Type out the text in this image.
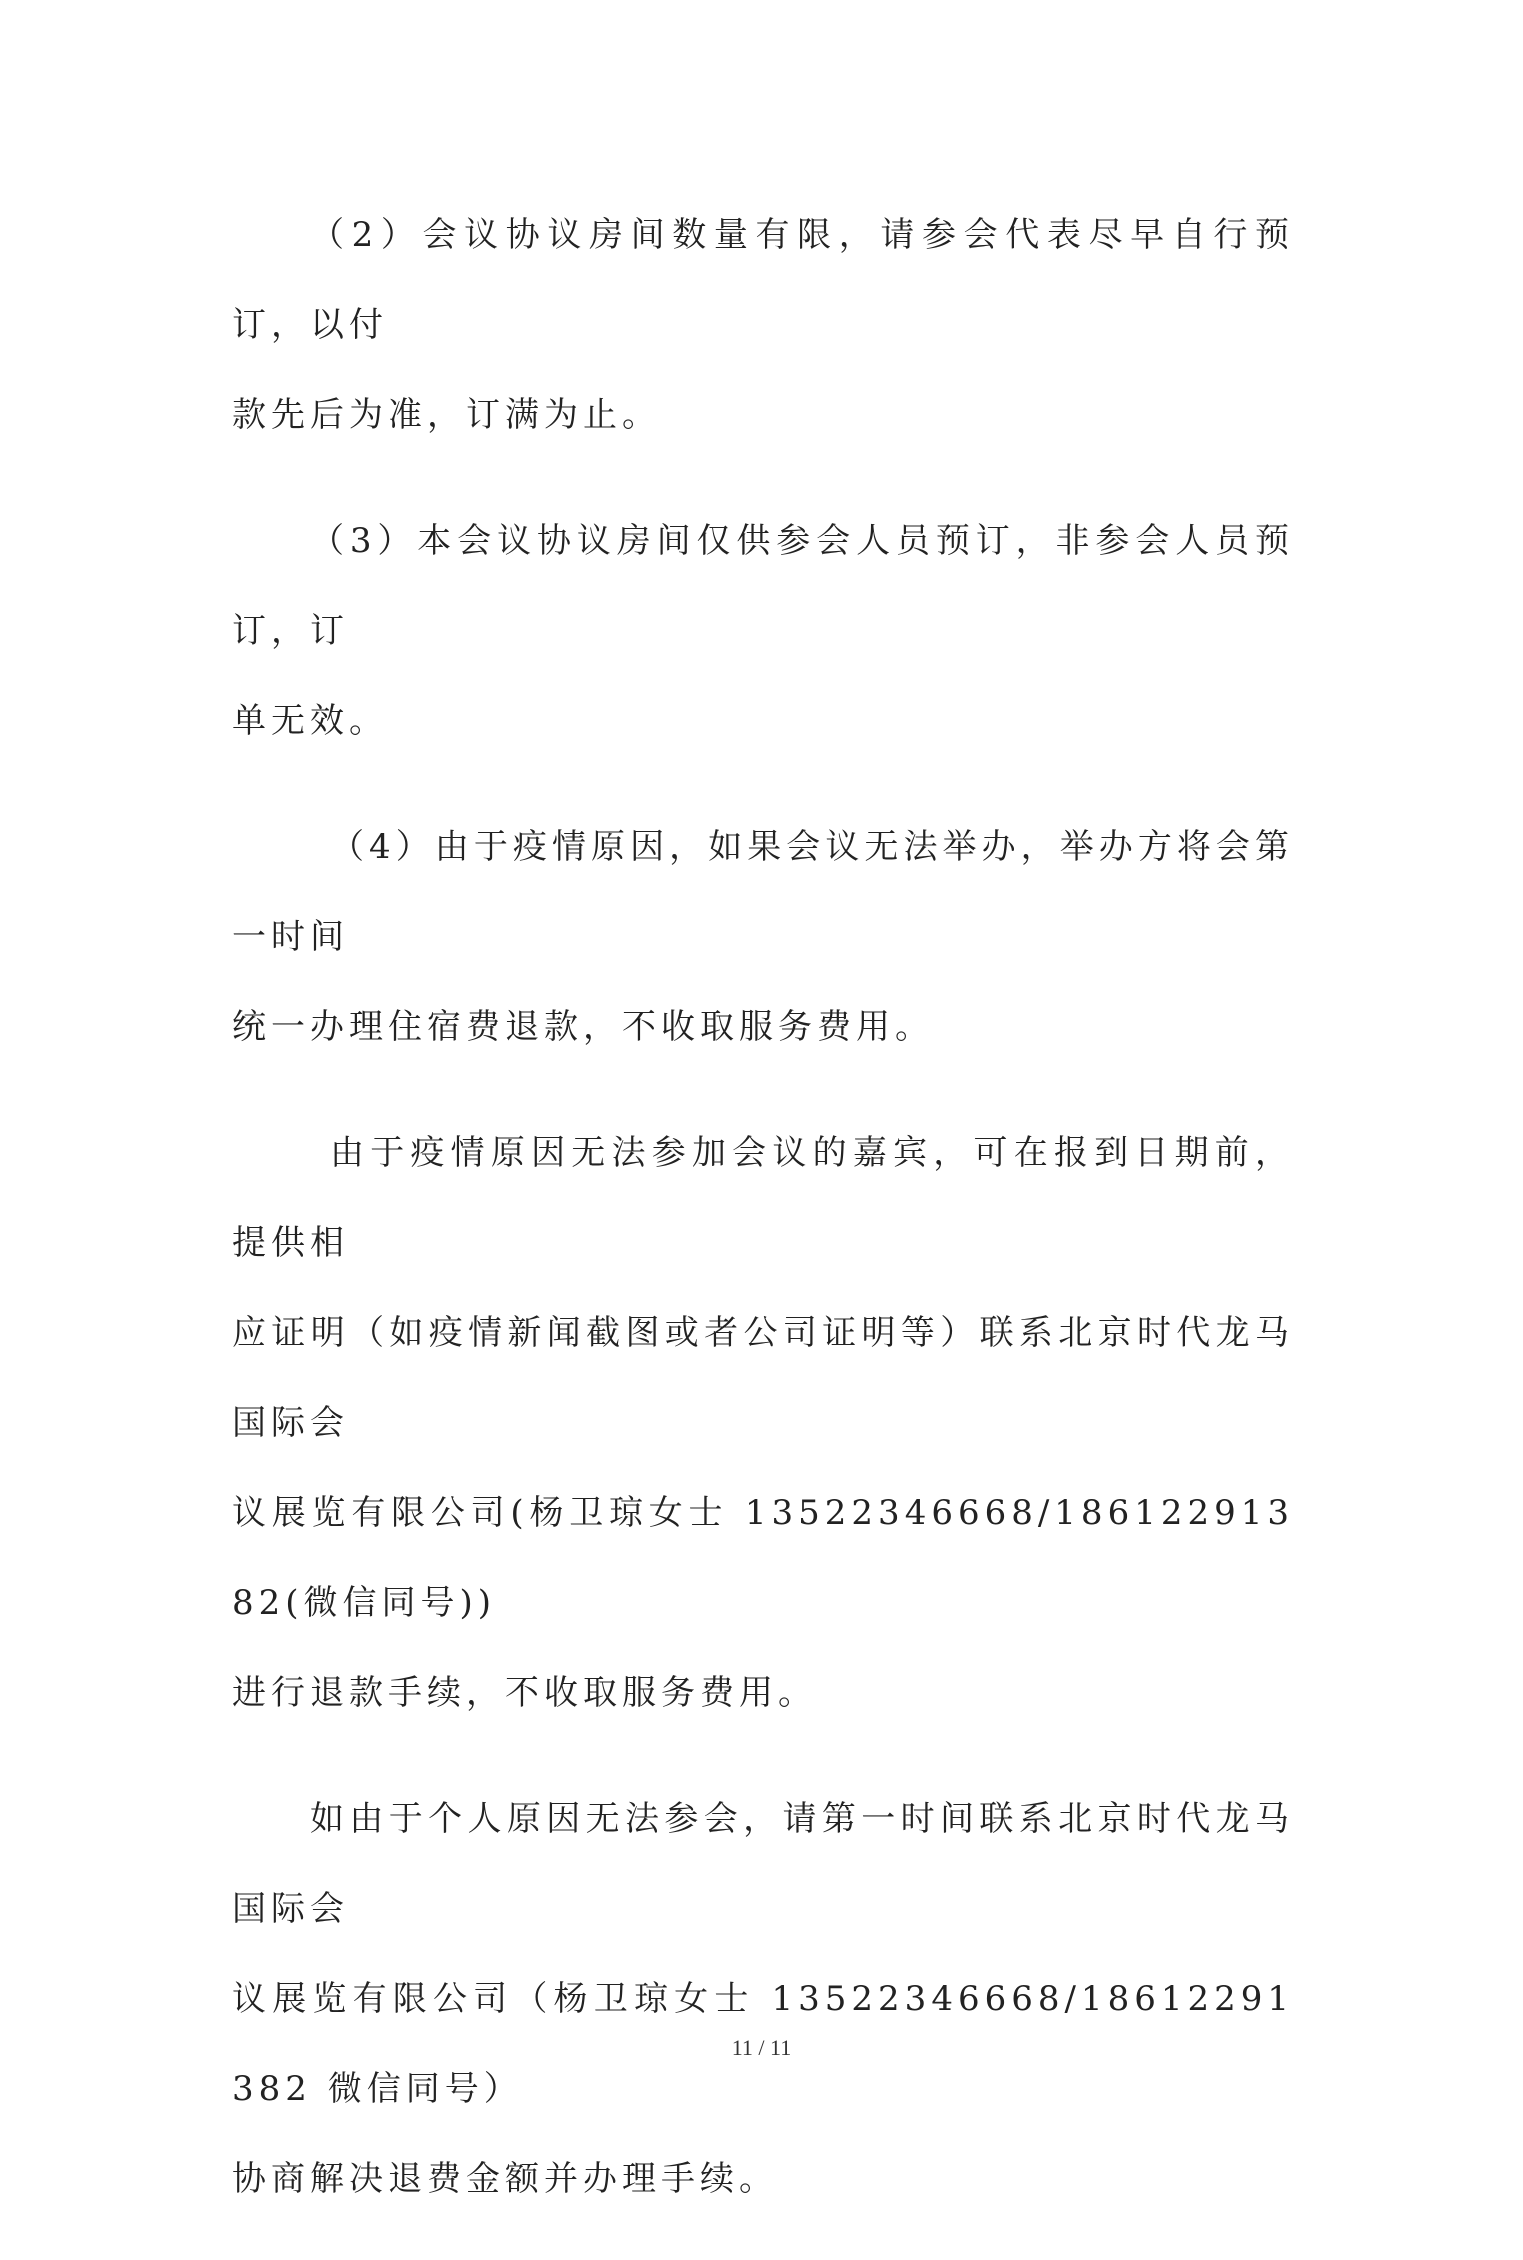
（2）会议协议房间数量有限，请参会代表尽早自行预订，以付

款先后为准，订满为止。

（3）本会议协议房间仅供参会人员预订，非参会人员预订，订

单无效。

（4）由于疫情原因，如果会议无法举办，举办方将会第一时间

统一办理住宿费退款，不收取服务费用。

由于疫情原因无法参加会议的嘉宾，可在报到日期前，提供相

应证明（如疫情新闻截图或者公司证明等）联系北京时代龙马国际会

议展览有限公司(杨卫琼女士 13522346668/18612291382(微信同号))

进行退款手续，不收取服务费用。

如由于个人原因无法参会，请第一时间联系北京时代龙马国际会

议展览有限公司（杨卫琼女士 13522346668/18612291382 微信同号）

协商解决退费金额并办理手续。

11 / 11
